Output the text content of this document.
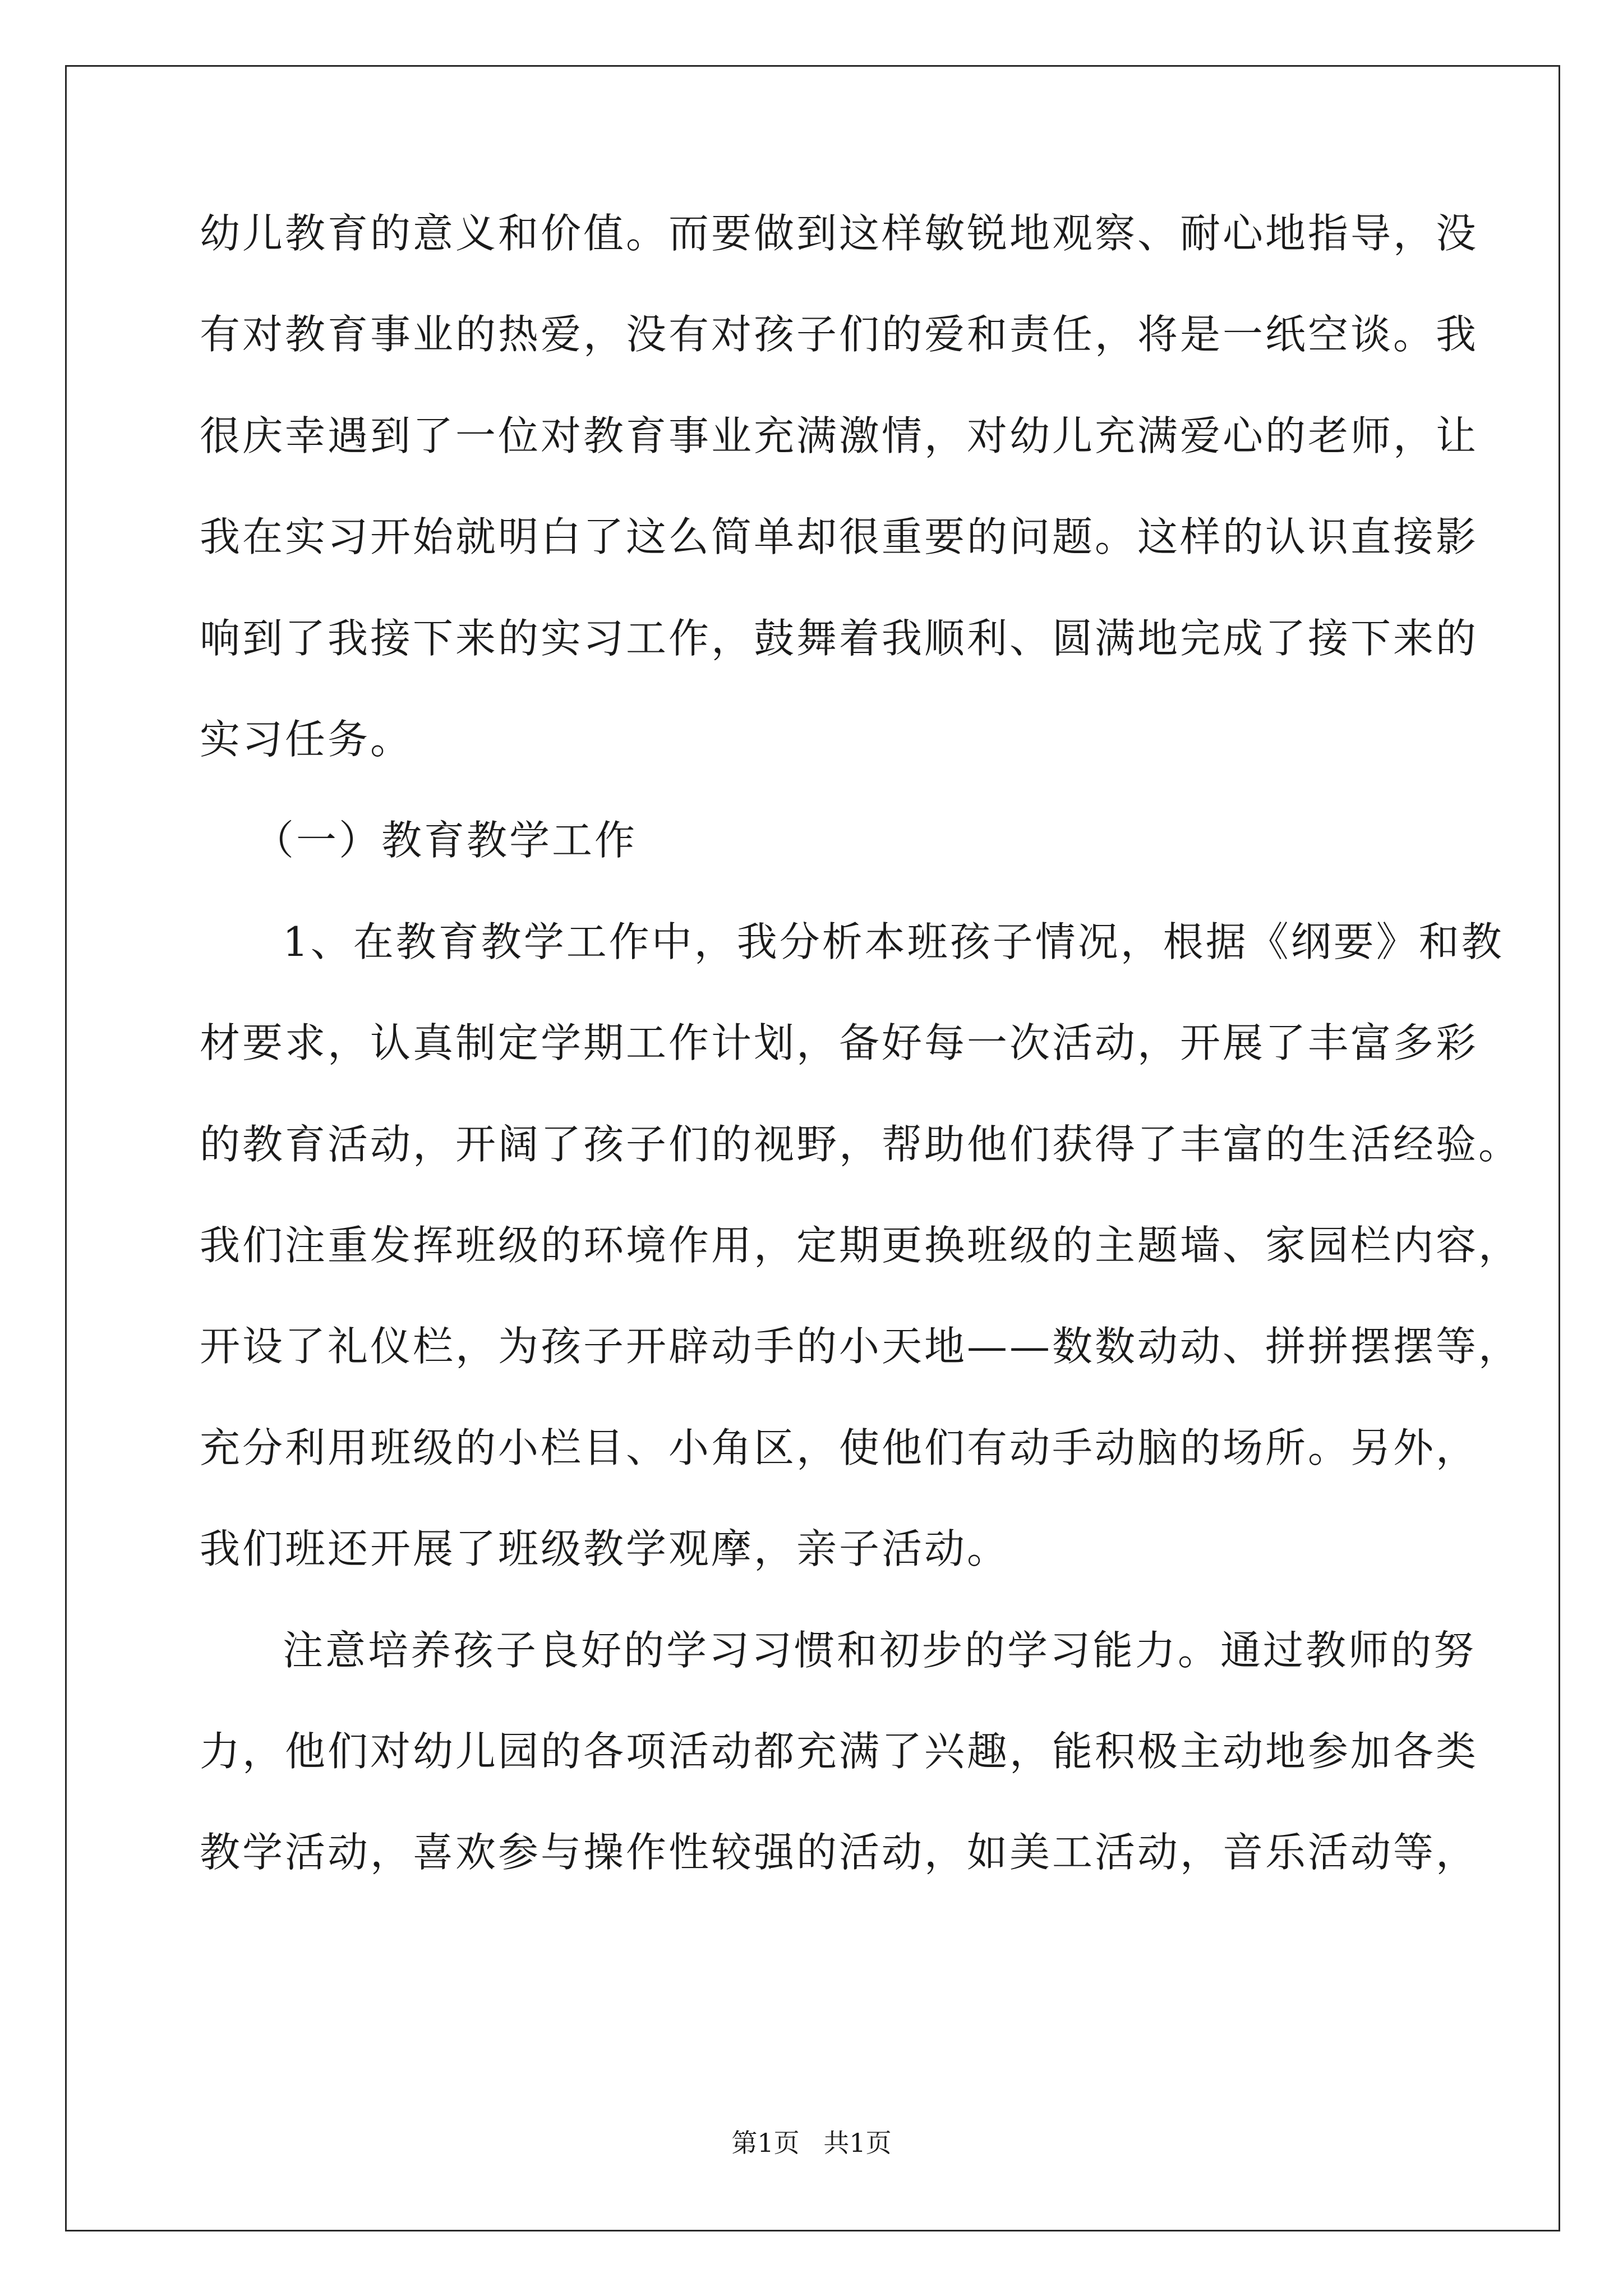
幼儿教育的意义和价值。而要做到这样敏锐地观察、耐心地指导，没
有对教育事业的热爱，没有对孩子们的爱和责任，将是一纸空谈。我
很庆幸遇到了一位对教育事业充满激情，对幼儿充满爱心的老师，让
我在实习开始就明白了这么简单却很重要的问题。这样的认识直接影
响到了我接下来的实习工作，鼓舞着我顺利、圆满地完成了接下来的
实习任务。
（一）教育教学工作
1、在教育教学工作中，我分析本班孩子情况，根据《纲要》和教
材要求，认真制定学期工作计划，备好每一次活动，开展了丰富多彩
的教育活动，开阔了孩子们的视野，帮助他们获得了丰富的生活经验。
我们注重发挥班级的环境作用，定期更换班级的主题墙、家园栏内容，
开设了礼仪栏，为孩子开辟动手的小天地——数数动动、拼拼摆摆等，
充分利用班级的小栏目、小角区，使他们有动手动脑的场所。另外，
我们班还开展了班级教学观摩，亲子活动。
注意培养孩子良好的学习习惯和初步的学习能力。通过教师的努
力，他们对幼儿园的各项活动都充满了兴趣，能积极主动地参加各类
教学活动，喜欢参与操作性较强的活动，如美工活动，音乐活动等，
第1页 共1页
